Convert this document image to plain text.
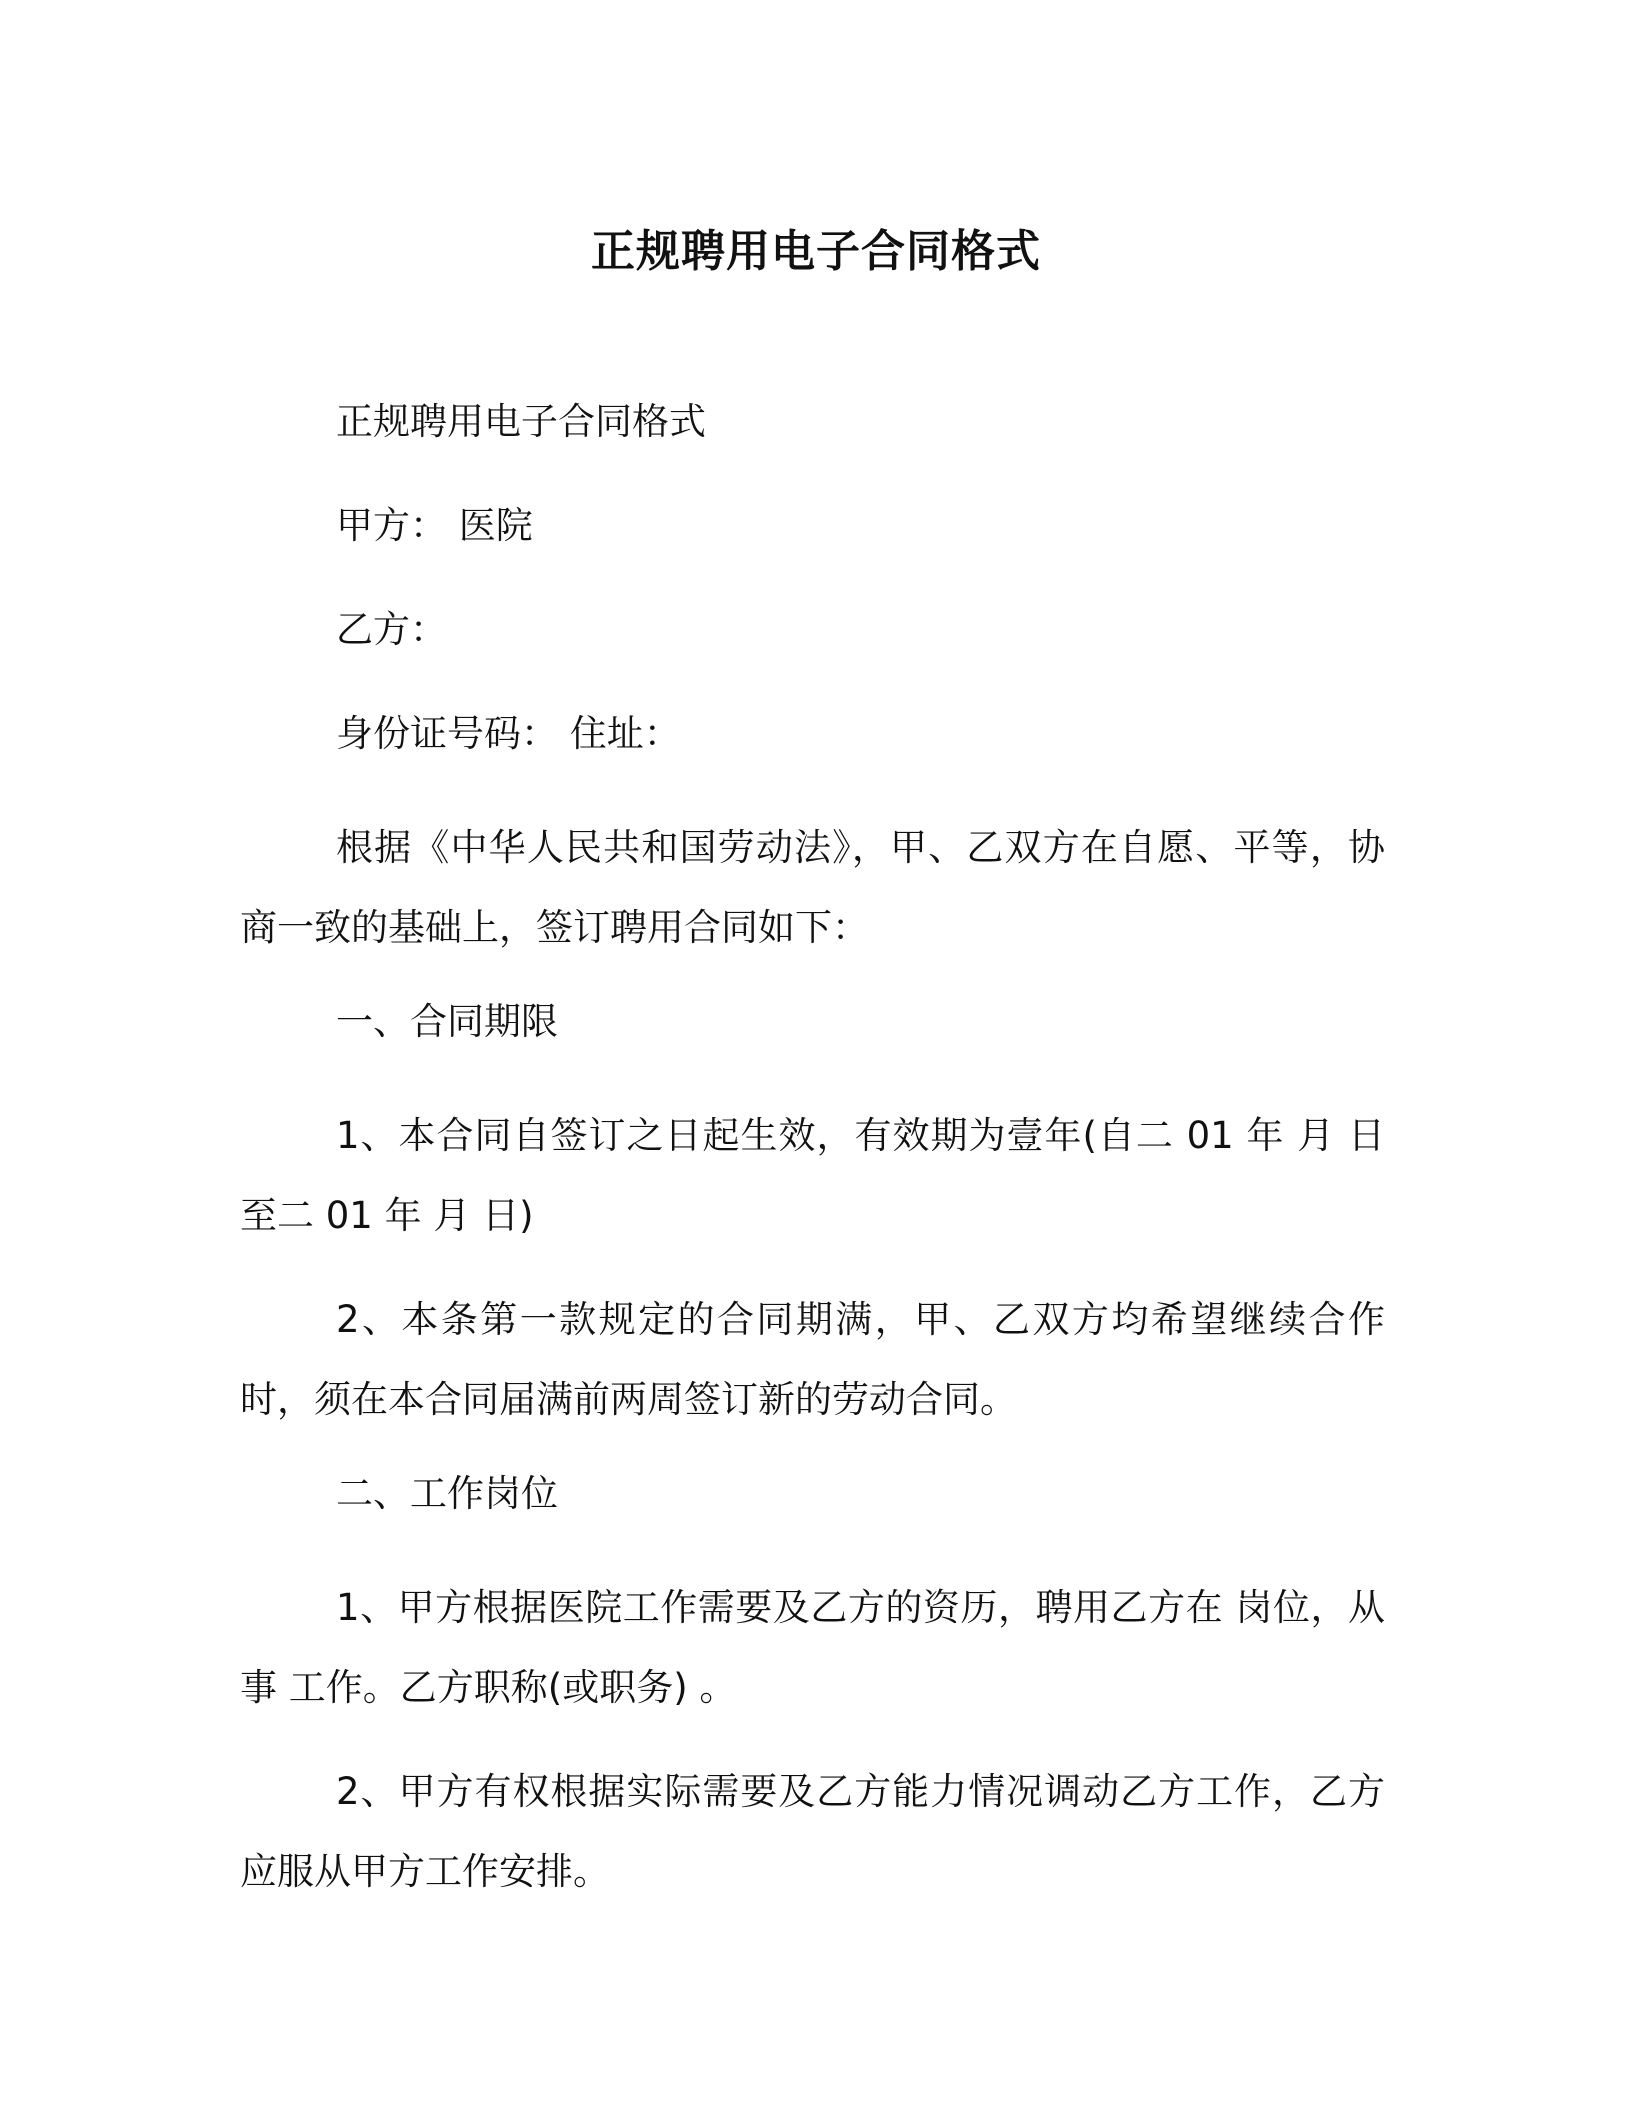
正规聘用电子合同格式

正规聘用电子合同格式

甲方： 医院

乙方：

身份证号码： 住址：

根据《中华人民共和国劳动法》，甲、乙双方在自愿、平等，协商一致的基础上，签订聘用合同如下：

一、合同期限

1、本合同自签订之日起生效，有效期为壹年(自二 01 年 月 日至二 01 年 月 日)

2、本条第一款规定的合同期满，甲、乙双方均希望继续合作时，须在本合同届满前两周签订新的劳动合同。

二、工作岗位

1、甲方根据医院工作需要及乙方的资历，聘用乙方在 岗位，从事 工作。乙方职称(或职务) 。

2、甲方有权根据实际需要及乙方能力情况调动乙方工作，乙方应服从甲方工作安排。
